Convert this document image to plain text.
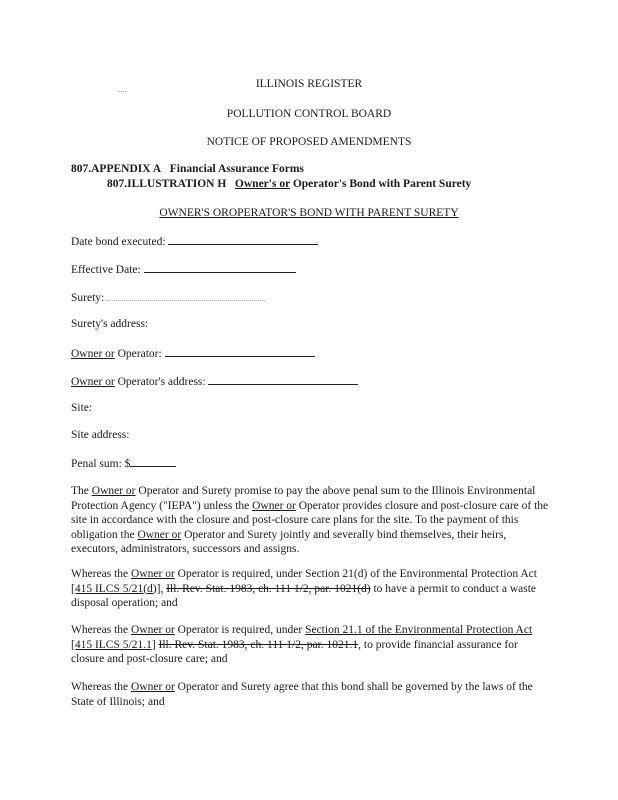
....	ILLINOIS REGISTER
POLLUTION CONTROL BOARD
NOTICE OF PROPOSED AMENDMENTS
807.APPENDIX A Financial Assurance Forms
807.ILLUSTRATION H Owner's or Operator's Bond with Parent Surety
OWNER'S OROPERATOR'S BOND WITH PARENT SURETY
Date bond executed:
Effective Date:
Surety:
Surety's address:
Owner or Operator:
Owner or Operator's address:
Site:
Site address:
Penal sum: $
The Owner or Operator and Surety promise to pay the above penal sum to the Illinois Environmental Protection Agency ("IEPA") unless the Owner or Operator provides closure and post-closure care of the site in accordance with the closure and post-closure care plans for the site. To the payment of this obligation the Owner or Operator and Surety jointly and severally bind themselves, their heirs, executors, administrators, successors and assigns.
Whereas the Owner or Operator is required, under Section 21(d) of the Environmental Protection Act [415 ILCS 5/21(d)], Ill. Rev. Stat. 1983, ch. 111 1/2, par. 1021(d) to have a permit to conduct a waste disposal operation; and
Whereas the Owner or Operator is required, under Section 21.1 of the Environmental Protection Act [415 ILCS 5/21.1] Ill. Rev. Stat. 1983, ch. 111 1/2, par. 1021.1, to provide financial assurance for closure and post-closure care; and
Whereas the Owner or Operator and Surety agree that this bond shall be governed by the laws of the State of Illinois; and
